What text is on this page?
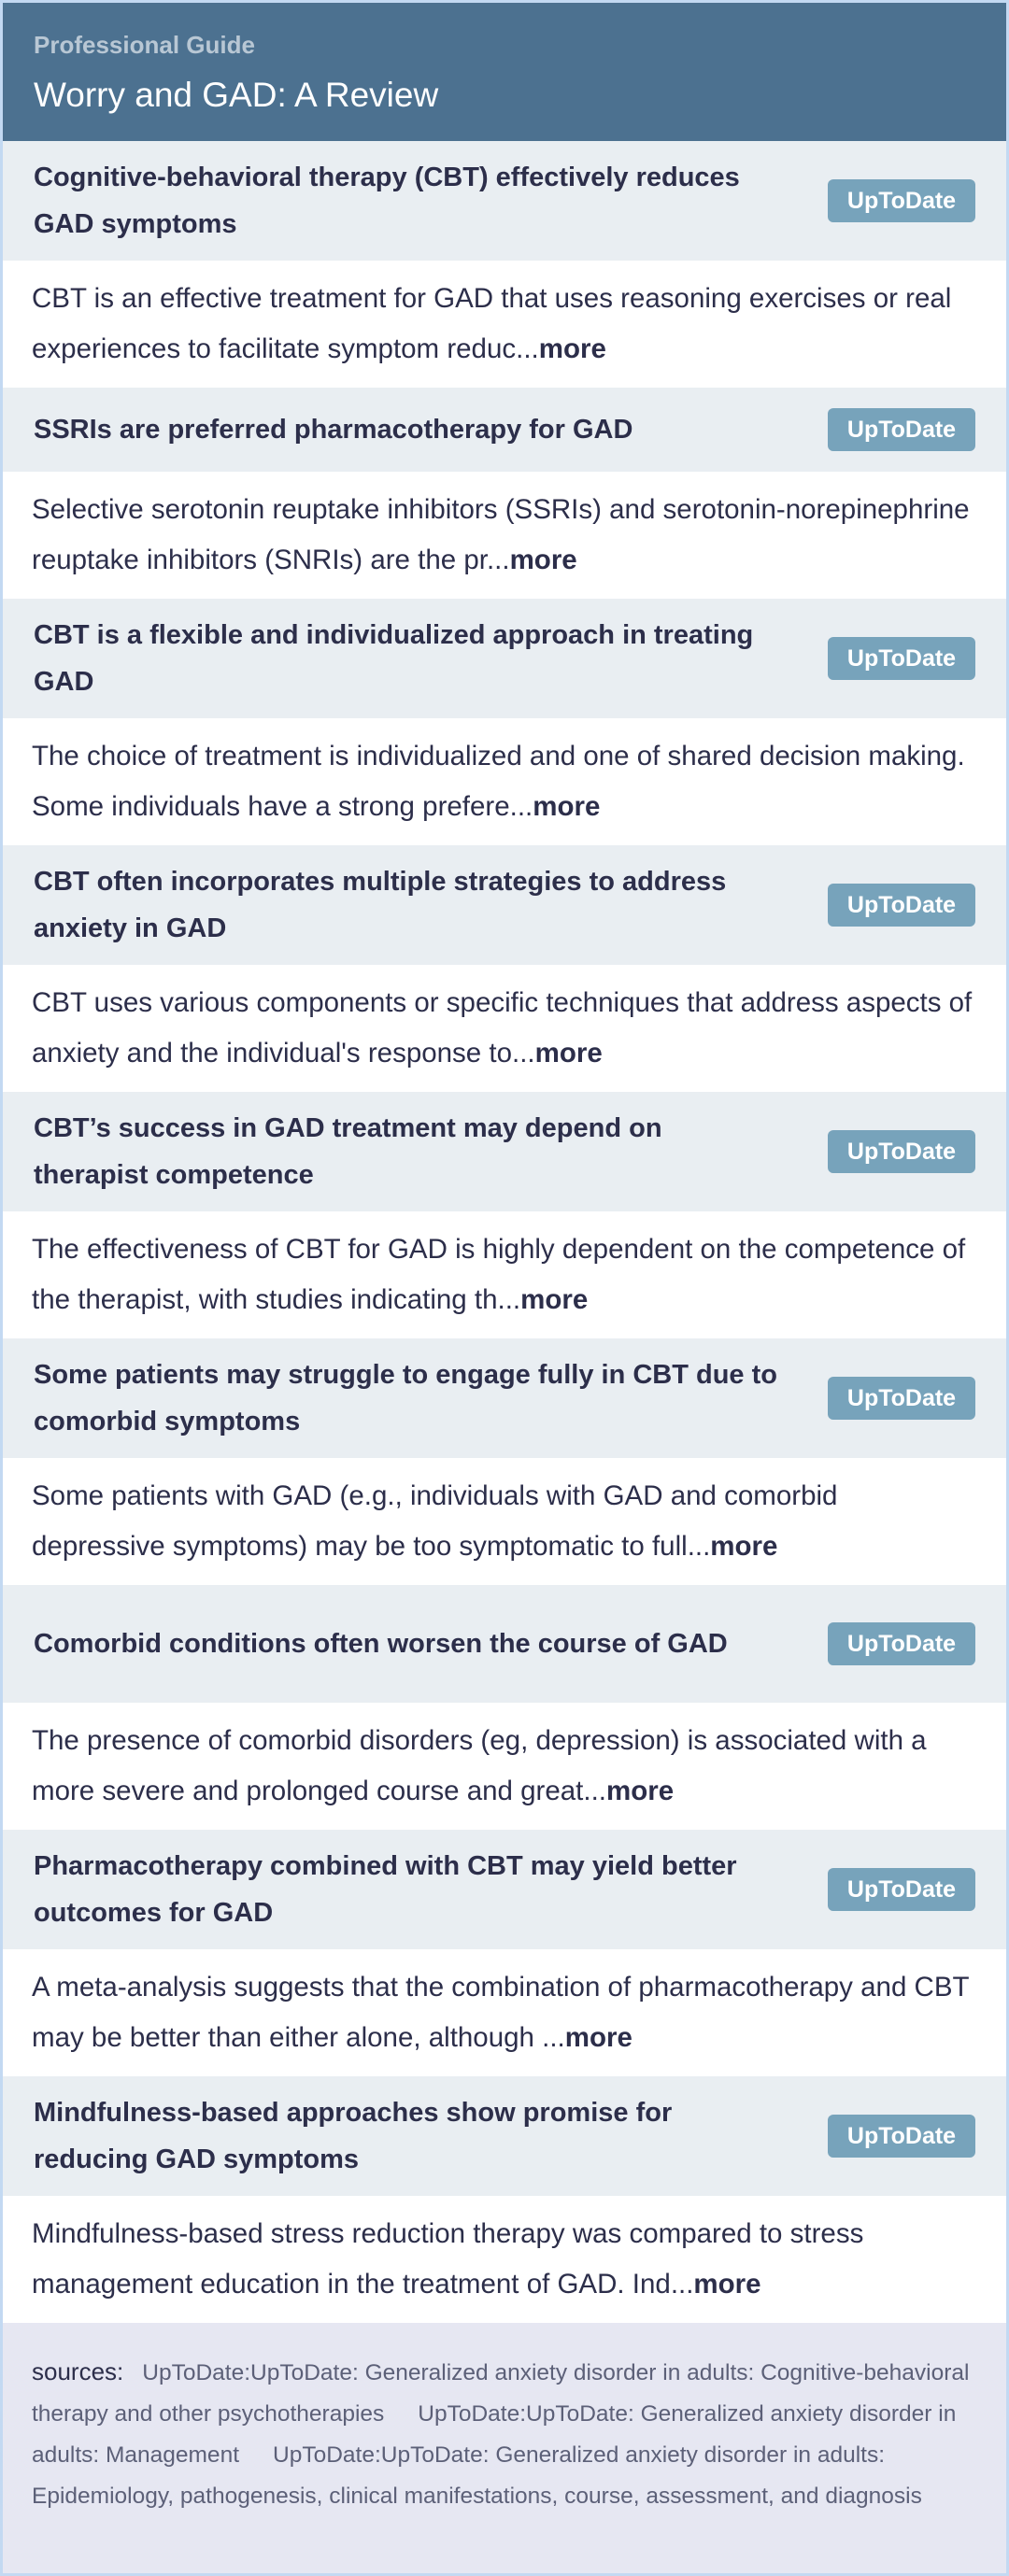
Professional Guide
Worry and GAD: A Review
Cognitive-behavioral therapy (CBT) effectively reduces GAD symptoms
UpToDate

CBT is an effective treatment for GAD that uses reasoning exercises or real experiences to facilitate symptom reduc...more

SSRIs are preferred pharmacotherapy for GAD	UpToDate

Selective serotonin reuptake inhibitors (SSRIs) and serotonin-norepinephrine reuptake inhibitors (SNRIs) are the pr...more

CBT is a flexible and individualized approach in treating GAD
UpToDate

The choice of treatment is individualized and one of shared decision making. Some individuals have a strong prefere...more

CBT often incorporates multiple strategies to address anxiety in GAD
UpToDate

CBT uses various components or specific techniques that address aspects of anxiety and the individual's response to...more

CBT’s success in GAD treatment may depend on therapist competence
UpToDate

The effectiveness of CBT for GAD is highly dependent on the competence of the therapist, with studies indicating th...more

Some patients may struggle to engage fully in CBT due to comorbid symptoms
UpToDate

Some patients with GAD (e.g., individuals with GAD and comorbid depressive symptoms) may be too symptomatic to full...more

Comorbid conditions often worsen the course of GAD	UpToDate

The presence of comorbid disorders (eg, depression) is associated with a more severe and prolonged course and great...more

Pharmacotherapy combined with CBT may yield better outcomes for GAD
UpToDate

A meta-analysis suggests that the combination of pharmacotherapy and CBT may be better than either alone, although ...more

Mindfulness-based approaches show promise for reducing GAD symptoms
UpToDate

Mindfulness-based stress reduction therapy was compared to stress management education in the treatment of GAD. Ind...more

sources: UpToDate:UpToDate: Generalized anxiety disorder in adults: Cognitive-behavioral therapy and other psychotherapies UpToDate:UpToDate: Generalized anxiety disorder in adults: Management UpToDate:UpToDate: Generalized anxiety disorder in adults: Epidemiology, pathogenesis, clinical manifestations, course, assessment, and diagnosis
